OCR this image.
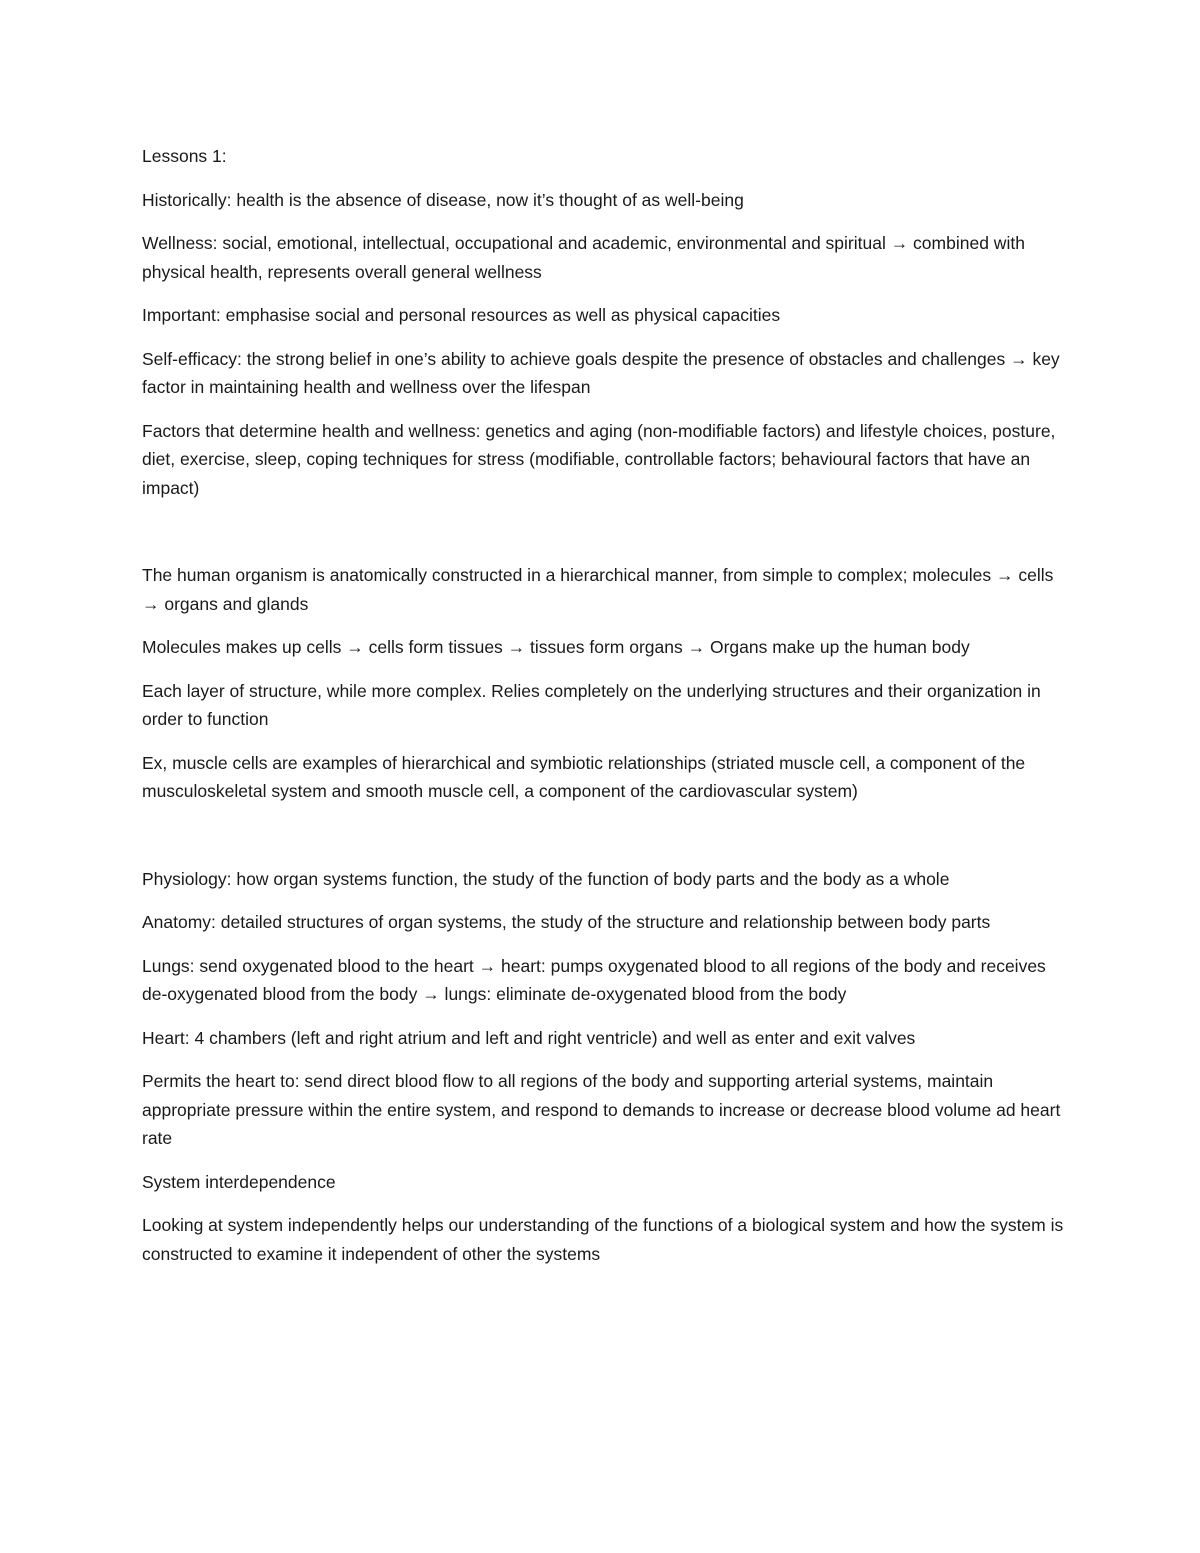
Lessons 1:

Historically: health is the absence of disease, now it’s thought of as well-being

Wellness: social, emotional, intellectual, occupational and academic, environmental and spiritual → combined with physical health, represents overall general wellness

Important: emphasise social and personal resources as well as physical capacities

Self-efficacy: the strong belief in one’s ability to achieve goals despite the presence of obstacles and challenges → key factor in maintaining health and wellness over the lifespan

Factors that determine health and wellness: genetics and aging (non-modifiable factors) and lifestyle choices, posture, diet, exercise, sleep, coping techniques for stress (modifiable, controllable factors; behavioural factors that have an impact)

The human organism is anatomically constructed in a hierarchical manner, from simple to complex; molecules → cells → organs and glands

Molecules makes up cells → cells form tissues → tissues form organs → Organs make up the human body

Each layer of structure, while more complex. Relies completely on the underlying structures and their organization in order to function

Ex, muscle cells are examples of hierarchical and symbiotic relationships (striated muscle cell, a component of the musculoskeletal system and smooth muscle cell, a component of the cardiovascular system)

Physiology: how organ systems function, the study of the function of body parts and the body as a whole

Anatomy: detailed structures of organ systems, the study of the structure and relationship between body parts

Lungs: send oxygenated blood to the heart → heart: pumps oxygenated blood to all regions of the body and receives de-oxygenated blood from the body → lungs: eliminate de-oxygenated blood from the body

Heart: 4 chambers (left and right atrium and left and right ventricle) and well as enter and exit valves

Permits the heart to: send direct blood flow to all regions of the body and supporting arterial systems, maintain appropriate pressure within the entire system, and respond to demands to increase or decrease blood volume ad heart rate

System interdependence

Looking at system independently helps our understanding of the functions of a biological system and how the system is constructed to examine it independent of other the systems
